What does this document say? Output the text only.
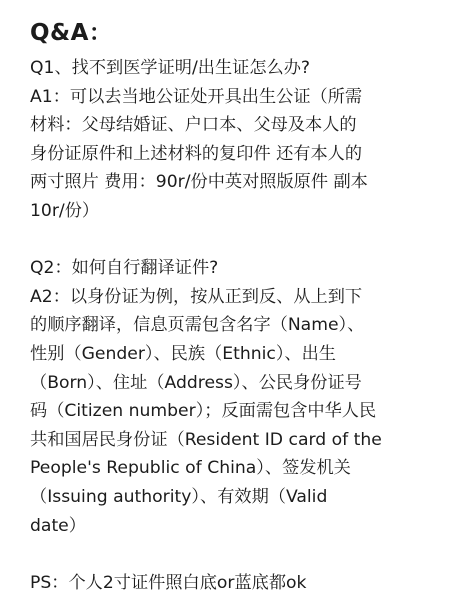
Q&A：

Q1、找不到医学证明/出生证怎么办?

A1：可以去当地公证处开具出生公证（所需

材料：父母结婚证、户口本、父母及本人的

身份证原件和上述材料的复印件 还有本人的

两寸照片 费用：90r/份中英对照版原件 副本

10r/份）

Q2：如何自行翻译证件?

A2：以身份证为例，按从正到反、从上到下

的顺序翻译，信息页需包含名字（Name）、

性别（Gender）、民族（Ethnic）、出生

（Born）、住址（Address）、公民身份证号

码（Citizen number）；反面需包含中华人民

共和国居民身份证（Resident ID card of the

People's Republic of China）、签发机关

（Issuing authority）、有效期（Valid

date）

PS：个人2寸证件照白底or蓝底都ok
